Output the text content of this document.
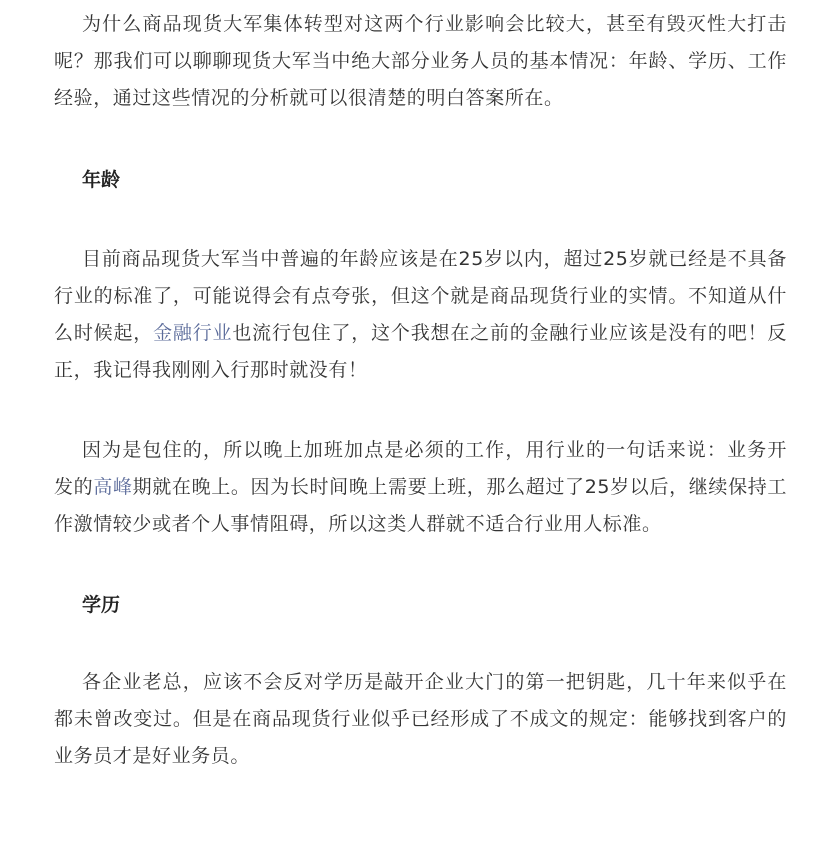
为什么商品现货大军集体转型对这两个行业影响会比较大，甚至有毁灭性大打击呢？那我们可以聊聊现货大军当中绝大部分业务人员的基本情况：年龄、学历、工作经验，通过这些情况的分析就可以很清楚的明白答案所在。

年龄

目前商品现货大军当中普遍的年龄应该是在25岁以内，超过25岁就已经是不具备行业的标准了，可能说得会有点夸张，但这个就是商品现货行业的实情。不知道从什么时候起，金融行业也流行包住了，这个我想在之前的金融行业应该是没有的吧！反正，我记得我刚刚入行那时就没有！

因为是包住的，所以晚上加班加点是必须的工作，用行业的一句话来说：业务开发的高峰期就在晚上。因为长时间晚上需要上班，那么超过了25岁以后，继续保持工作激情较少或者个人事情阻碍，所以这类人群就不适合行业用人标准。

学历

各企业老总，应该不会反对学历是敲开企业大门的第一把钥匙，几十年来似乎在都未曾改变过。但是在商品现货行业似乎已经形成了不成文的规定：能够找到客户的业务员才是好业务员。
